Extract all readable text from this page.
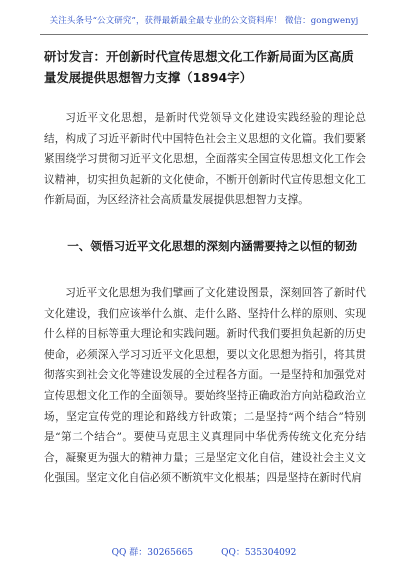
关注头条号“公文研究”，获得最新最全最专业的公文资料库！ 微信：gongwenyj
研讨发言：开创新时代宣传思想文化工作新局面为区高质量发展提供思想智力支撑（1894字）
习近平文化思想，是新时代党领导文化建设实践经验的理论总结，构成了习近平新时代中国特色社会主义思想的文化篇。我们要紧紧围绕学习贯彻习近平文化思想，全面落实全国宣传思想文化工作会议精神，切实担负起新的文化使命，不断开创新时代宣传思想文化工作新局面，为区经济社会高质量发展提供思想智力支撑。
一、领悟习近平文化思想的深刻内涵需要持之以恒的韧劲
习近平文化思想为我们擘画了文化建设图景，深刻回答了新时代文化建设，我们应该举什么旗、走什么路、坚持什么样的原则、实现什么样的目标等重大理论和实践问题。新时代我们要担负起新的历史使命，必须深入学习习近平文化思想，要以文化思想为指引，将其贯彻落实到社会文化等建设发展的全过程各方面。一是坚持和加强党对宣传思想文化工作的全面领导。要始终坚持正确政治方向站稳政治立场，坚定宣传党的理论和路线方针政策；二是坚持“两个结合”特别是“第二个结合”。要使马克思主义真理同中华优秀传统文化充分结合，凝聚更为强大的精神力量；三是坚定文化自信，建设社会主义文化强国。坚定文化自信必须不断筑牢文化根基；四是坚持在新时代肩
QQ 群：30265665	QQ：535304092
